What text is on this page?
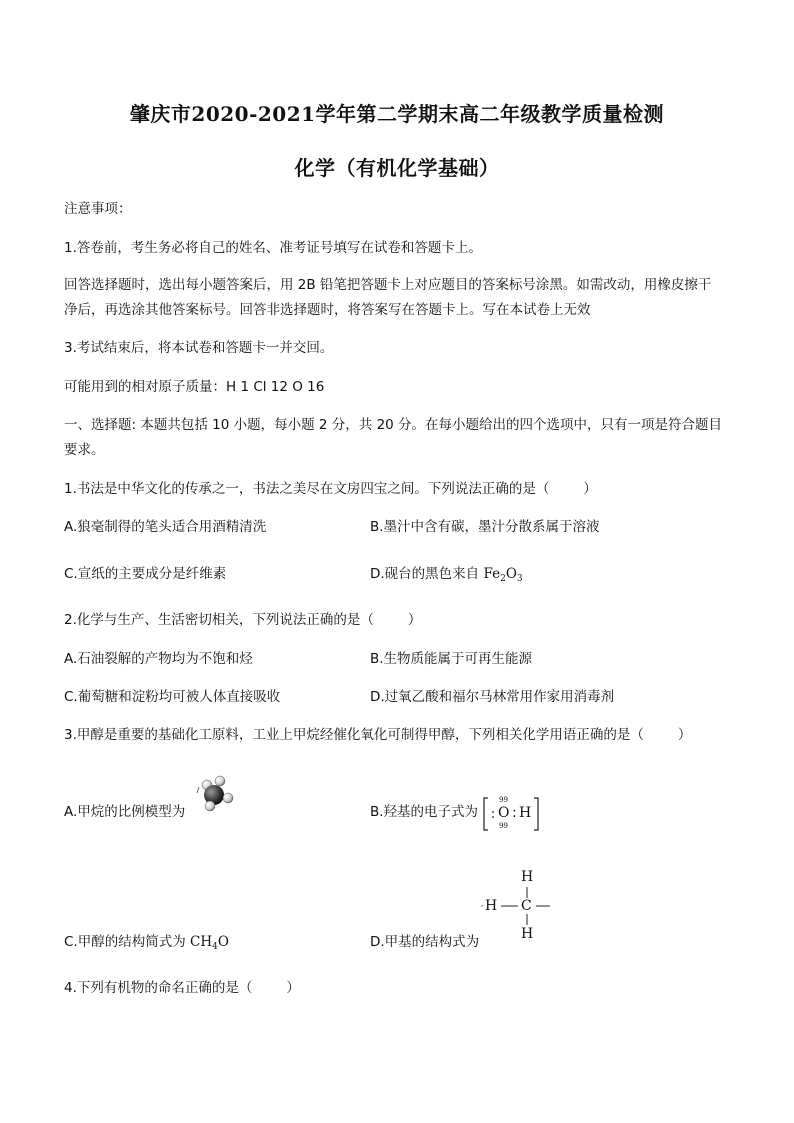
肇庆市2020-2021学年第二学期末高二年级教学质量检测
化学（有机化学基础）
注意事项：
1.答卷前，考生务必将自己的姓名、准考证号填写在试卷和答题卡上。
回答选择题时，选出每小题答案后，用 2B 铅笔把答题卡上对应题目的答案标号涂黑。如需改动，用橡皮擦干
净后，再选涂其他答案标号。回答非选择题时，将答案写在答题卡上。写在本试卷上无效
3.考试结束后，将本试卷和答题卡一并交回。
可能用到的相对原子质量：H 1 Cl 12 O 16
一、选择题: 本题共包括 10 小题，每小题 2 分，共 20 分。在每小题给出的四个选项中，只有一项是符合题目
要求。
1.书法是中华文化的传承之一，书法之美尽在文房四宝之间。下列说法正确的是（	）
A.狼毫制得的笔头适合用酒精清洗	B.墨汁中含有碳，墨汁分散系属于溶液
C.宣纸的主要成分是纤维素	D.砚台的黑色来自 $Fe_2O_3$
2.化学与生产、生活密切相关，下列说法正确的是（	）
A.石油裂解的产物均为不饱和烃	B.生物质能属于可再生能源
C.葡萄糖和淀粉均可被人体直接吸收	D.过氧乙酸和福尔马林常用作家用消毒剂
3.甲醇是重要的基础化工原料，工业上甲烷经催化氧化可制得甲醇，下列相关化学用语正确的是（	）
A.甲烷的比例模型为	B.羟基的电子式为
99
O
99
: H
C.甲醇的结构简式为 $CH_4O$	D.甲基的结构式为
H
H C
H
4.下列有机物的命名正确的是（	）
